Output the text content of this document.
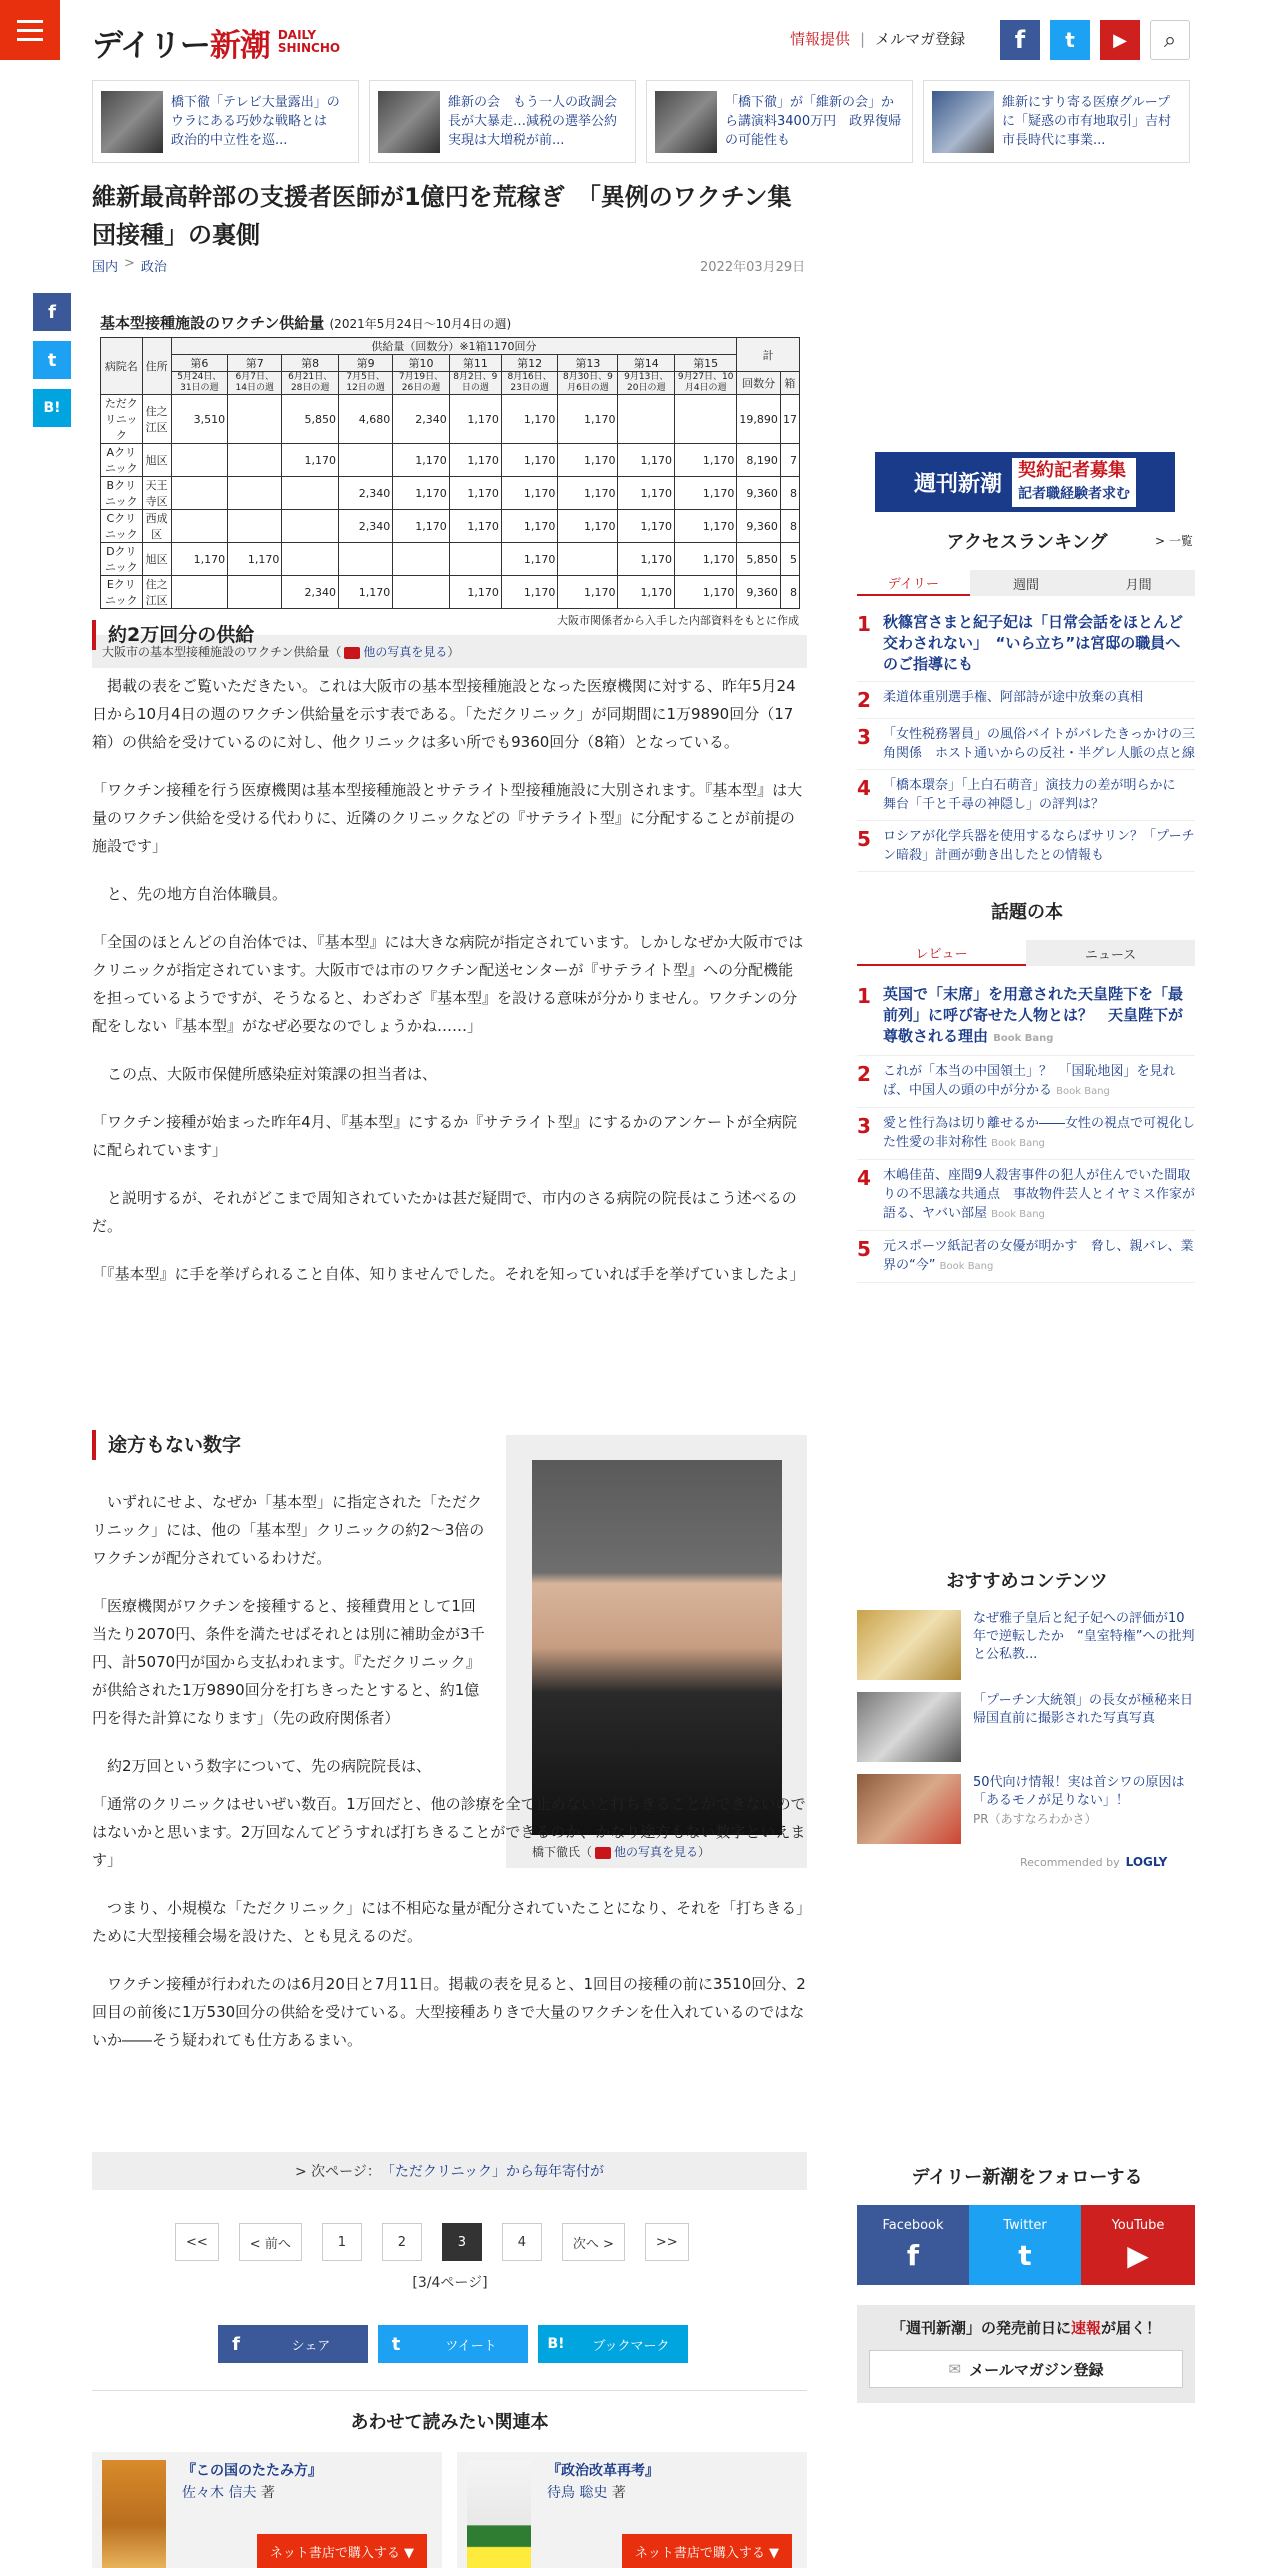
デイリー新潮 DAILY
SHINCHO	情報提供 | メルマガ登録	f	t	▶	⌕
橋下徹「テレビ大量露出」のウラにある巧妙な戦略とは　政治的中立性を巡...
維新の会　もう一人の政調会長が大暴走…減税の選挙公約実現は大増税が前...
「橋下徹」が「維新の会」から講演料3400万円　政界復帰の可能性も
維新にすり寄る医療グループに「疑惑の市有地取引」吉村市長時代に事業...
維新最高幹部の支援者医師が1億円を荒稼ぎ　「異例のワクチン集団接種」の裏側
国内 > 政治	2022年03月29日
f
t
B!
基本型接種施設のワクチン供給量 (2021年5月24日〜10月4日の週)
病院名	住所	供給量（回数分）※1箱1170回分										計	
		第6	第7	第8	第9	第10	第11	第12	第13	第14	第15		
		5月24日、31日の週	6月7日、14日の週	6月21日、28日の週	7月5日、12日の週	7月19日、26日の週	8月2日、9日の週	8月16日、23日の週	8月30日、9月6日の週	9月13日、20日の週	9月27日、10月4日の週	回数分	箱
ただクリニック	住之江区	3,510		5,850	4,680	2,340	1,170	1,170	1,170			19,890	17
Aクリニック	旭区			1,170		1,170	1,170	1,170	1,170	1,170	1,170	8,190	7
Bクリニック	天王寺区				2,340	1,170	1,170	1,170	1,170	1,170	1,170	9,360	8
Cクリニック	西成区				2,340	1,170	1,170	1,170	1,170	1,170	1,170	9,360	8
Dクリニック	旭区	1,170	1,170					1,170		1,170	1,170	5,850	5
Eクリニック	住之江区			2,340	1,170		1,170	1,170	1,170	1,170	1,170	9,360	8
大阪市関係者から入手した内部資料をもとに作成
大阪市の基本型接種施設のワクチン供給量（ 他の写真を見る）
約2万回分の供給

　掲載の表をご覧いただきたい。これは大阪市の基本型接種施設となった医療機関に対する、昨年5月24日から10月4日の週のワクチン供給量を示す表である。「ただクリニック」が同期間に1万9890回分（17箱）の供給を受けているのに対し、他クリニックは多い所でも9360回分（8箱）となっている。

「ワクチン接種を行う医療機関は基本型接種施設とサテライト型接種施設に大別されます。『基本型』は大量のワクチン供給を受ける代わりに、近隣のクリニックなどの『サテライト型』に分配することが前提の施設です」

　と、先の地方自治体職員。

「全国のほとんどの自治体では、『基本型』には大きな病院が指定されています。しかしなぜか大阪市ではクリニックが指定されています。大阪市では市のワクチン配送センターが『サテライト型』への分配機能を担っているようですが、そうなると、わざわざ『基本型』を設ける意味が分かりません。ワクチンの分配をしない『基本型』がなぜ必要なのでしょうかね……」

　この点、大阪市保健所感染症対策課の担当者は、

「ワクチン接種が始まった昨年4月、『基本型』にするか『サテライト型』にするかのアンケートが全病院に配られています」

　と説明するが、それがどこまで周知されていたかは甚だ疑問で、市内のさる病院の院長はこう述べるのだ。

「『基本型』に手を挙げられること自体、知りませんでした。それを知っていれば手を挙げていましたよ」

橋下徹氏（ 他の写真を見る）
途方もない数字

　いずれにせよ、なぜか「基本型」に指定された「ただクリニック」には、他の「基本型」クリニックの約2～3倍のワクチンが配分されているわけだ。

「医療機関がワクチンを接種すると、接種費用として1回当たり2070円、条件を満たせばそれとは別に補助金が3千円、計5070円が国から支払われます。『ただクリニック』が供給された1万9890回分を打ちきったとすると、約1億円を得た計算になります」（先の政府関係者）

　約2万回という数字について、先の病院院長は、

「通常のクリニックはせいぜい数百。1万回だと、他の診療を全て止めないと打ちきることができないのではないかと思います。2万回なんてどうすれば打ちきることができるのか、かなり途方もない数字といえます」

　つまり、小規模な「ただクリニック」には不相応な量が配分されていたことになり、それを「打ちきる」ために大型接種会場を設けた、とも見えるのだ。

　ワクチン接種が行われたのは6月20日と7月11日。掲載の表を見ると、1回目の接種の前に3510回分、2回目の前後に1万530回分の供給を受けている。大型接種ありきで大量のワクチンを仕入れているのではないか――そう疑われても仕方あるまい。

> 次ページ： 「ただクリニック」から毎年寄付が
<<	< 前へ	1	2	3	4	次へ >	>>
[3/4ページ]
f	シェア	t	ツイート	B!	ブックマーク
あわせて読みたい関連本
『この国のたたみ方』
佐々木 信夫 著
ネット書店で購入する ▼
『政治改革再考』
待鳥 聡史 著
ネット書店で購入する ▼
週刊新潮
契約記者募集
記者職経験者求む
アクセスランキング	> 一覧
デイリー	週間	月間
1 秋篠宮さまと紀子妃は「日常会話をほとんど交わされない」　“いら立ち”は宮邸の職員へのご指導にも
2 柔道体重別選手権、阿部詩が途中放棄の真相
3 「女性税務署員」の風俗バイトがバレたきっかけの三角関係　ホスト通いからの反社・半グレ人脈の点と線
4 「橋本環奈」「上白石萌音」演技力の差が明らかに　舞台「千と千尋の神隠し」の評判は？
5 ロシアが化学兵器を使用するならばサリン？「プーチン暗殺」計画が動き出したとの情報も
話題の本
レビュー	ニュース
1 英国で「末席」を用意された天皇陛下を「最前列」に呼び寄せた人物とは？　天皇陛下が尊敬される理由 Book Bang
2 これが「本当の中国領土」？　「国恥地図」を見れば、中国人の頭の中が分かる Book Bang
3 愛と性行為は切り離せるか――女性の視点で可視化した性愛の非対称性 Book Bang
4 木嶋佳苗、座間9人殺害事件の犯人が住んでいた間取りの不思議な共通点　事故物件芸人とイヤミス作家が語る、ヤバい部屋 Book Bang
5 元スポーツ紙記者の女優が明かす　脅し、親バレ、業界の“今” Book Bang
おすすめコンテンツ
なぜ雅子皇后と紀子妃への評価が10年で逆転したか　“皇室特権”への批判と公私教...
「プーチン大統領」の長女が極秘来日　帰国直前に撮影された写真写真
50代向け情報！実は首シワの原因は「あるモノが足りない」！
PR（あすなろわかさ）
Recommended by LOGLY
デイリー新潮をフォローする
Facebook
f
Twitter
t
YouTube
▶
「週刊新潮」の発売前日に速報が届く！
✉ メールマガジン登録
